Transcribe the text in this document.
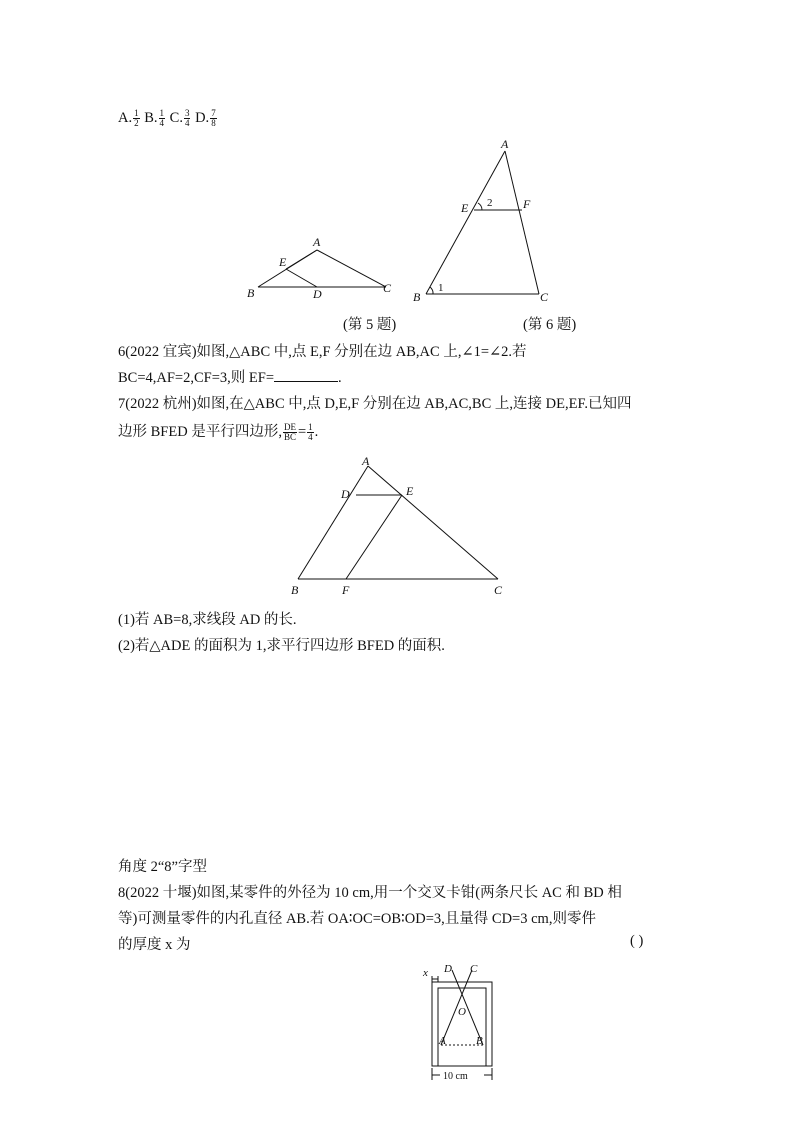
A. $\frac{1}{2} B$. $\frac{1}{4} C$. $\frac{3}{4} D$. $\frac{7}{8}$
A
B	C
D
E
A
B	C
E	F
1
2
(第 5 题)	(第 6 题)
6(2022 宜宾)如图,△ABC 中,点 E,F 分别在边 AB,AC 上,∠1=∠2.若
BC=4,AF=2,CF=3,则 EF=	.
7(2022 杭州)如图,在△ABC 中,点 D,E,F 分别在边 AB,AC,BC 上,连接 DE,EF.已知四
边形 BFED 是平行四边形, $\frac{DE}{BC} = \frac{1}{4}$ .
A
B	C
D	E
F
(1)若 AB=8,求线段 AD 的长.
(2)若△ADE 的面积为 1,求平行四边形 BFED 的面积.
角度 2“8”字型
8(2022 十堰)如图,某零件的外径为 10 cm,用一个交叉卡钳(两条尺长 AC 和 BD 相
等)可测量零件的内孔直径 AB.若 OA∶OC=OB∶OD=3,且量得 CD=3 cm,则零件
的厚度 x 为	( )
x D C
O
A	B
10 cm
